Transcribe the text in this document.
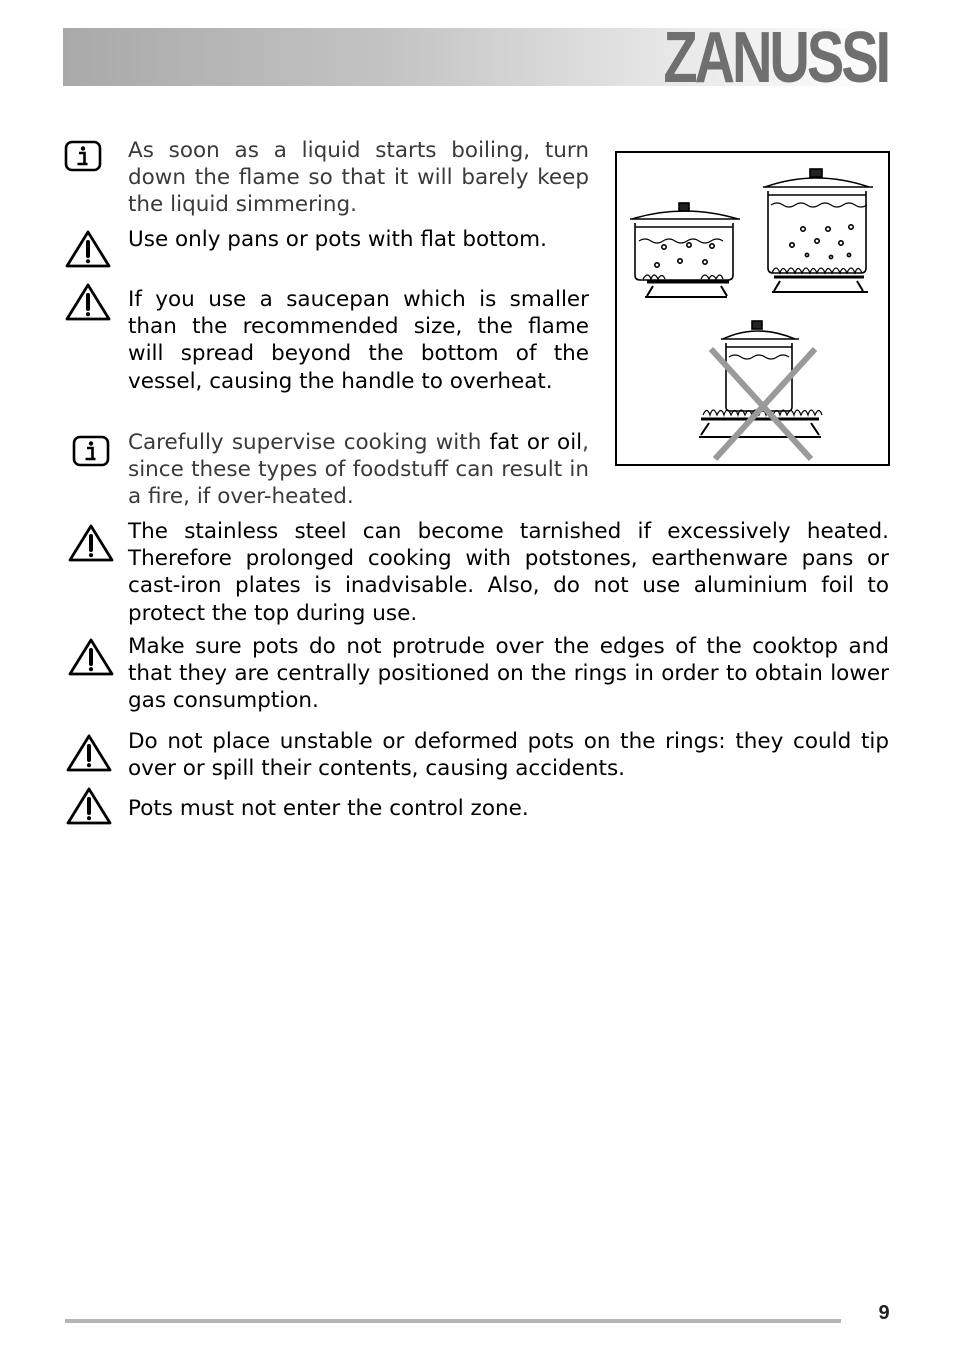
ZANUSSI

As soon as a liquid starts boiling, turn down the flame so that it will barely keep the liquid simmering.

Use only pans or pots with flat bottom.

If you use a saucepan which is smaller than the recommended size, the flame will spread beyond the bottom of the vessel, causing the handle to overheat.

Carefully supervise cooking with fat or oil, since these types of foodstuff can result in a fire, if over-heated.

The stainless steel can become tarnished if excessively heated. Therefore prolonged cooking with potstones, earthenware pans or cast-iron plates is inadvisable. Also, do not use aluminium foil to protect the top during use.

Make sure pots do not protrude over the edges of the cooktop and that they are centrally positioned on the rings in order to obtain lower gas consumption.

Do not place unstable or deformed pots on the rings: they could tip over or spill their contents, causing accidents.

Pots must not enter the control zone.

9
